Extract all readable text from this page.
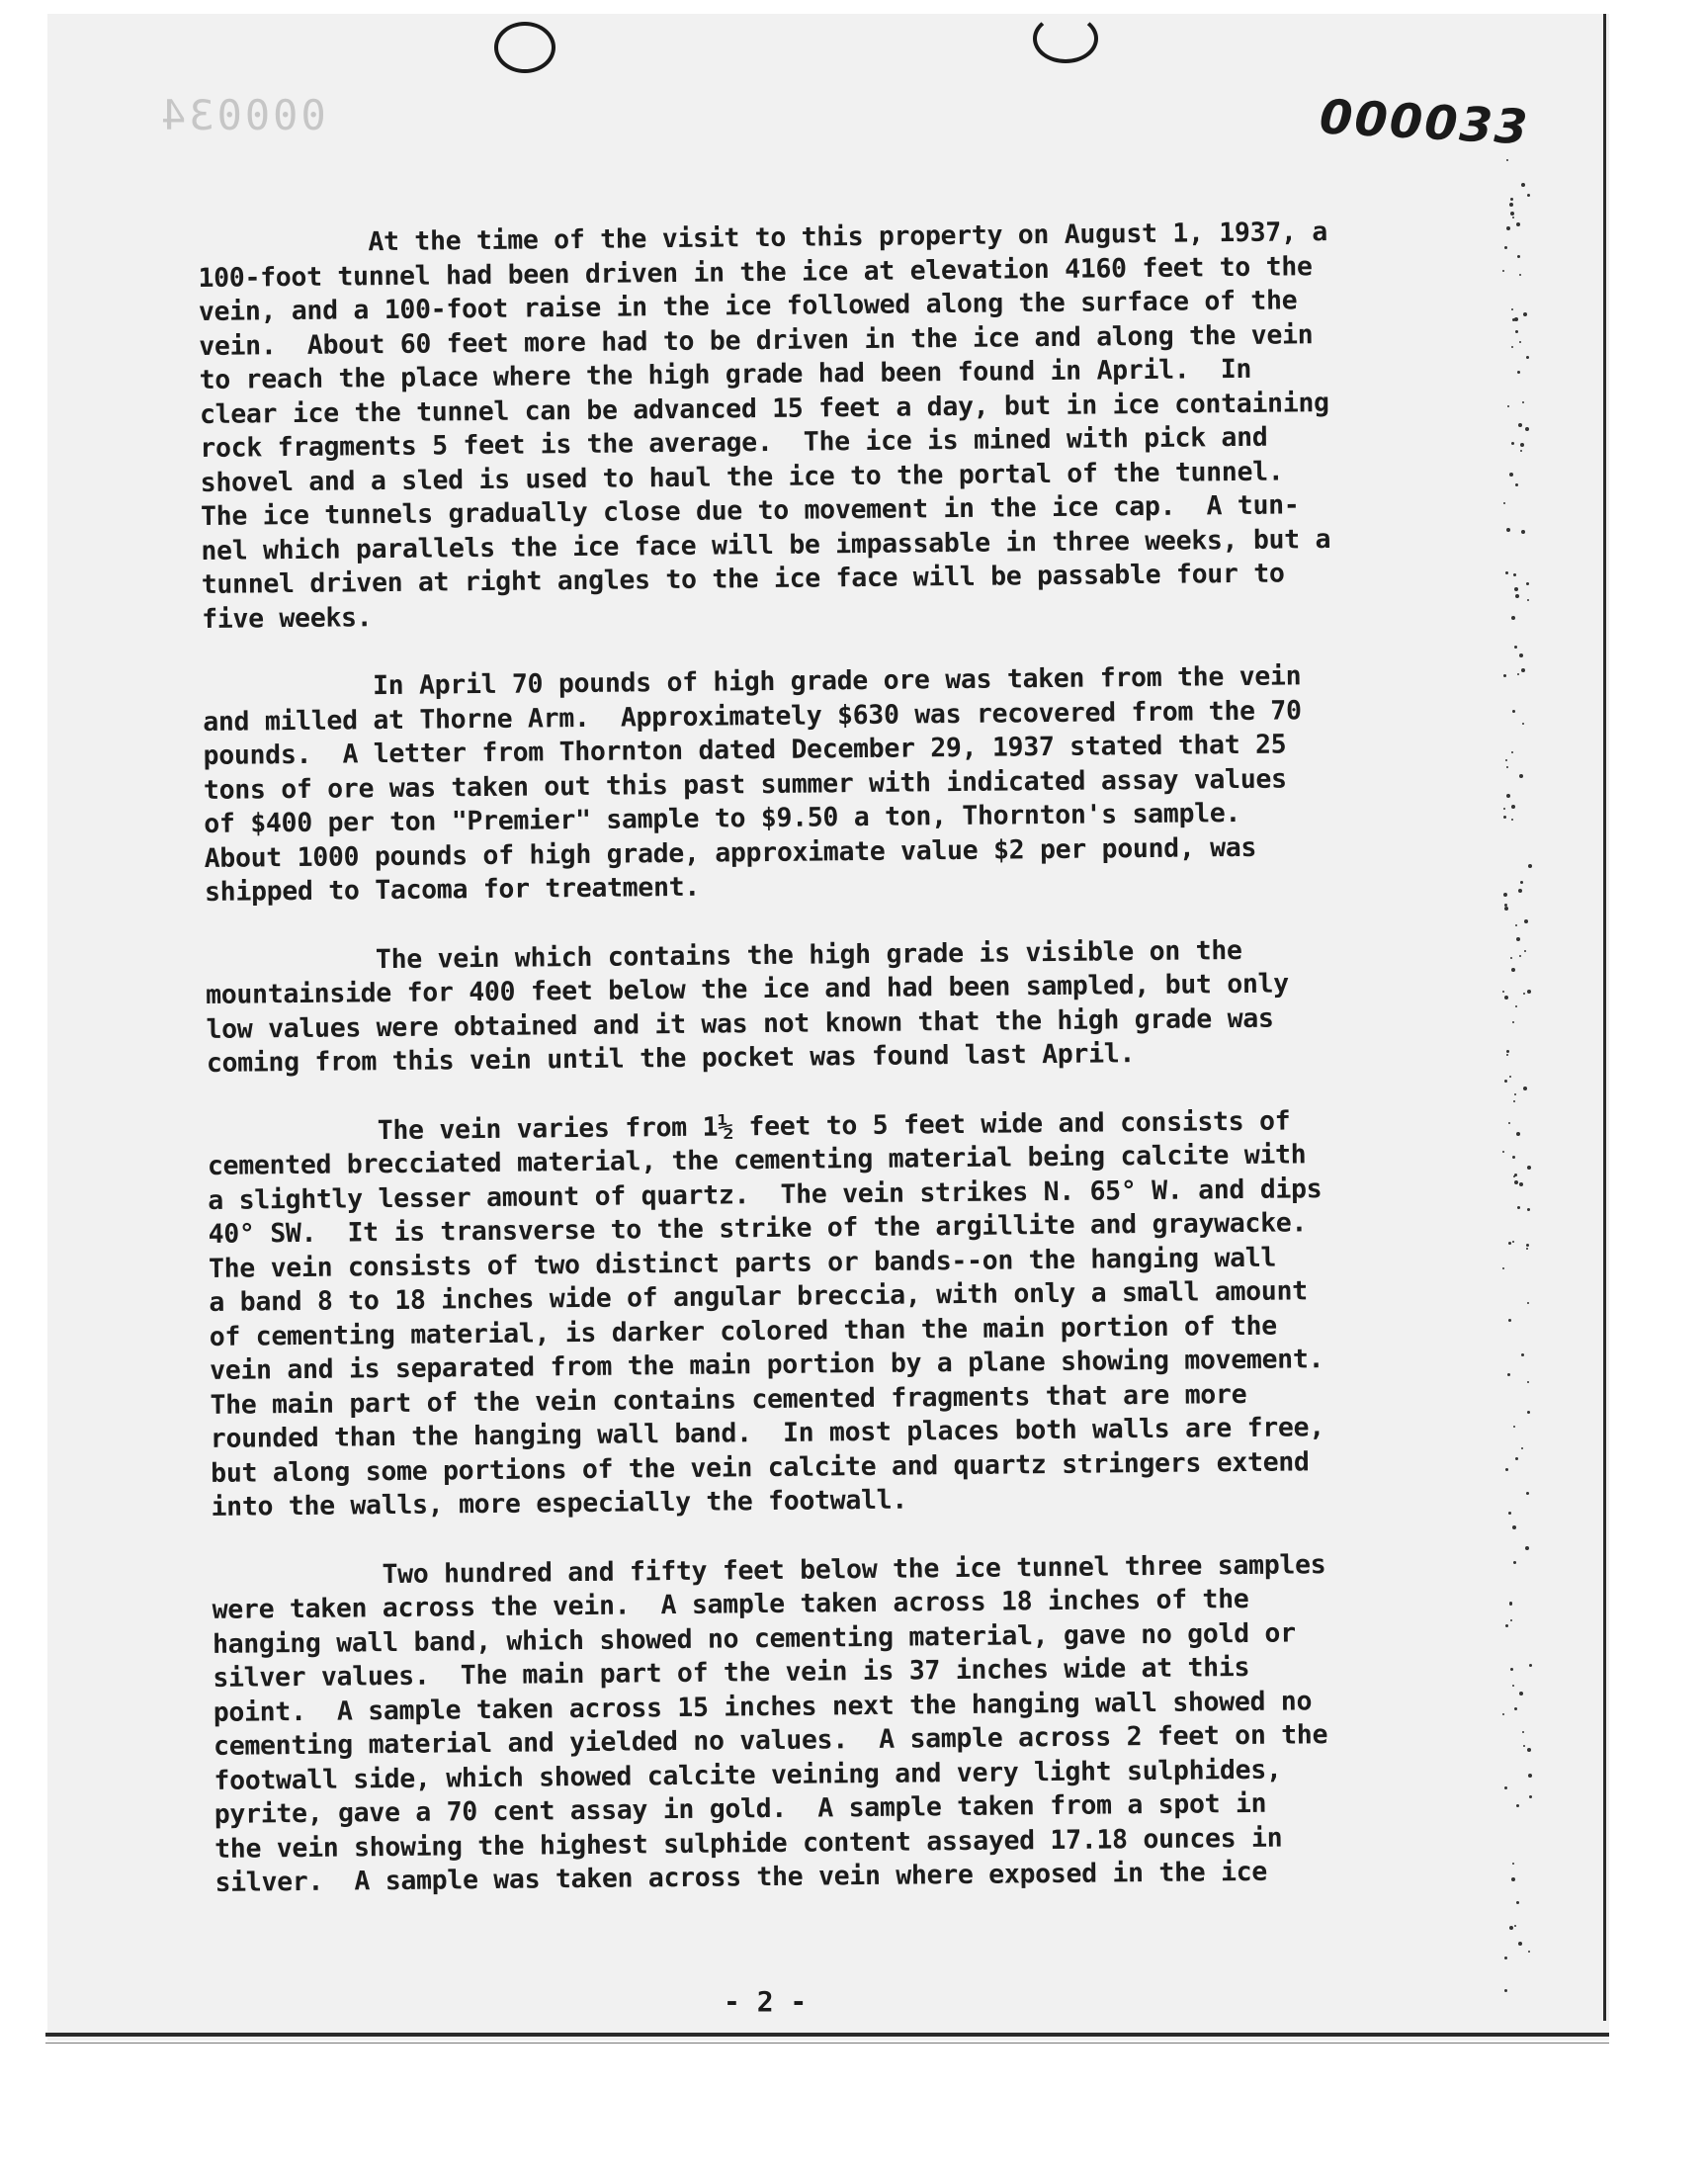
000034	000033
At the time of the visit to this property on August 1, 1937, a
100-foot tunnel had been driven in the ice at elevation 4160 feet to the
vein, and a 100-foot raise in the ice followed along the surface of the
vein.  About 60 feet more had to be driven in the ice and along the vein
to reach the place where the high grade had been found in April.  In
clear ice the tunnel can be advanced 15 feet a day, but in ice containing
rock fragments 5 feet is the average.  The ice is mined with pick and
shovel and a sled is used to haul the ice to the portal of the tunnel.
The ice tunnels gradually close due to movement in the ice cap.  A tun-
nel which parallels the ice face will be impassable in three weeks, but a
tunnel driven at right angles to the ice face will be passable four to
five weeks.
In April 70 pounds of high grade ore was taken from the vein
and milled at Thorne Arm.  Approximately $630 was recovered from the 70
pounds.  A letter from Thornton dated December 29, 1937 stated that 25
tons of ore was taken out this past summer with indicated assay values
of $400 per ton "Premier" sample to $9.50 a ton, Thornton's sample.
About 1000 pounds of high grade, approximate value $2 per pound, was
shipped to Tacoma for treatment.
The vein which contains the high grade is visible on the
mountainside for 400 feet below the ice and had been sampled, but only
low values were obtained and it was not known that the high grade was
coming from this vein until the pocket was found last April.
The vein varies from 1½ feet to 5 feet wide and consists of
cemented brecciated material, the cementing material being calcite with
a slightly lesser amount of quartz.  The vein strikes N. 65° W. and dips
40° SW.  It is transverse to the strike of the argillite and graywacke.
The vein consists of two distinct parts or bands--on the hanging wall
a band 8 to 18 inches wide of angular breccia, with only a small amount
of cementing material, is darker colored than the main portion of the
vein and is separated from the main portion by a plane showing movement.
The main part of the vein contains cemented fragments that are more
rounded than the hanging wall band.  In most places both walls are free,
but along some portions of the vein calcite and quartz stringers extend
into the walls, more especially the footwall.
Two hundred and fifty feet below the ice tunnel three samples
were taken across the vein.  A sample taken across 18 inches of the
hanging wall band, which showed no cementing material, gave no gold or
silver values.  The main part of the vein is 37 inches wide at this
point.  A sample taken across 15 inches next the hanging wall showed no
cementing material and yielded no values.  A sample across 2 feet on the
footwall side, which showed calcite veining and very light sulphides,
pyrite, gave a 70 cent assay in gold.  A sample taken from a spot in
the vein showing the highest sulphide content assayed 17.18 ounces in
silver.  A sample was taken across the vein where exposed in the ice
- 2 -
